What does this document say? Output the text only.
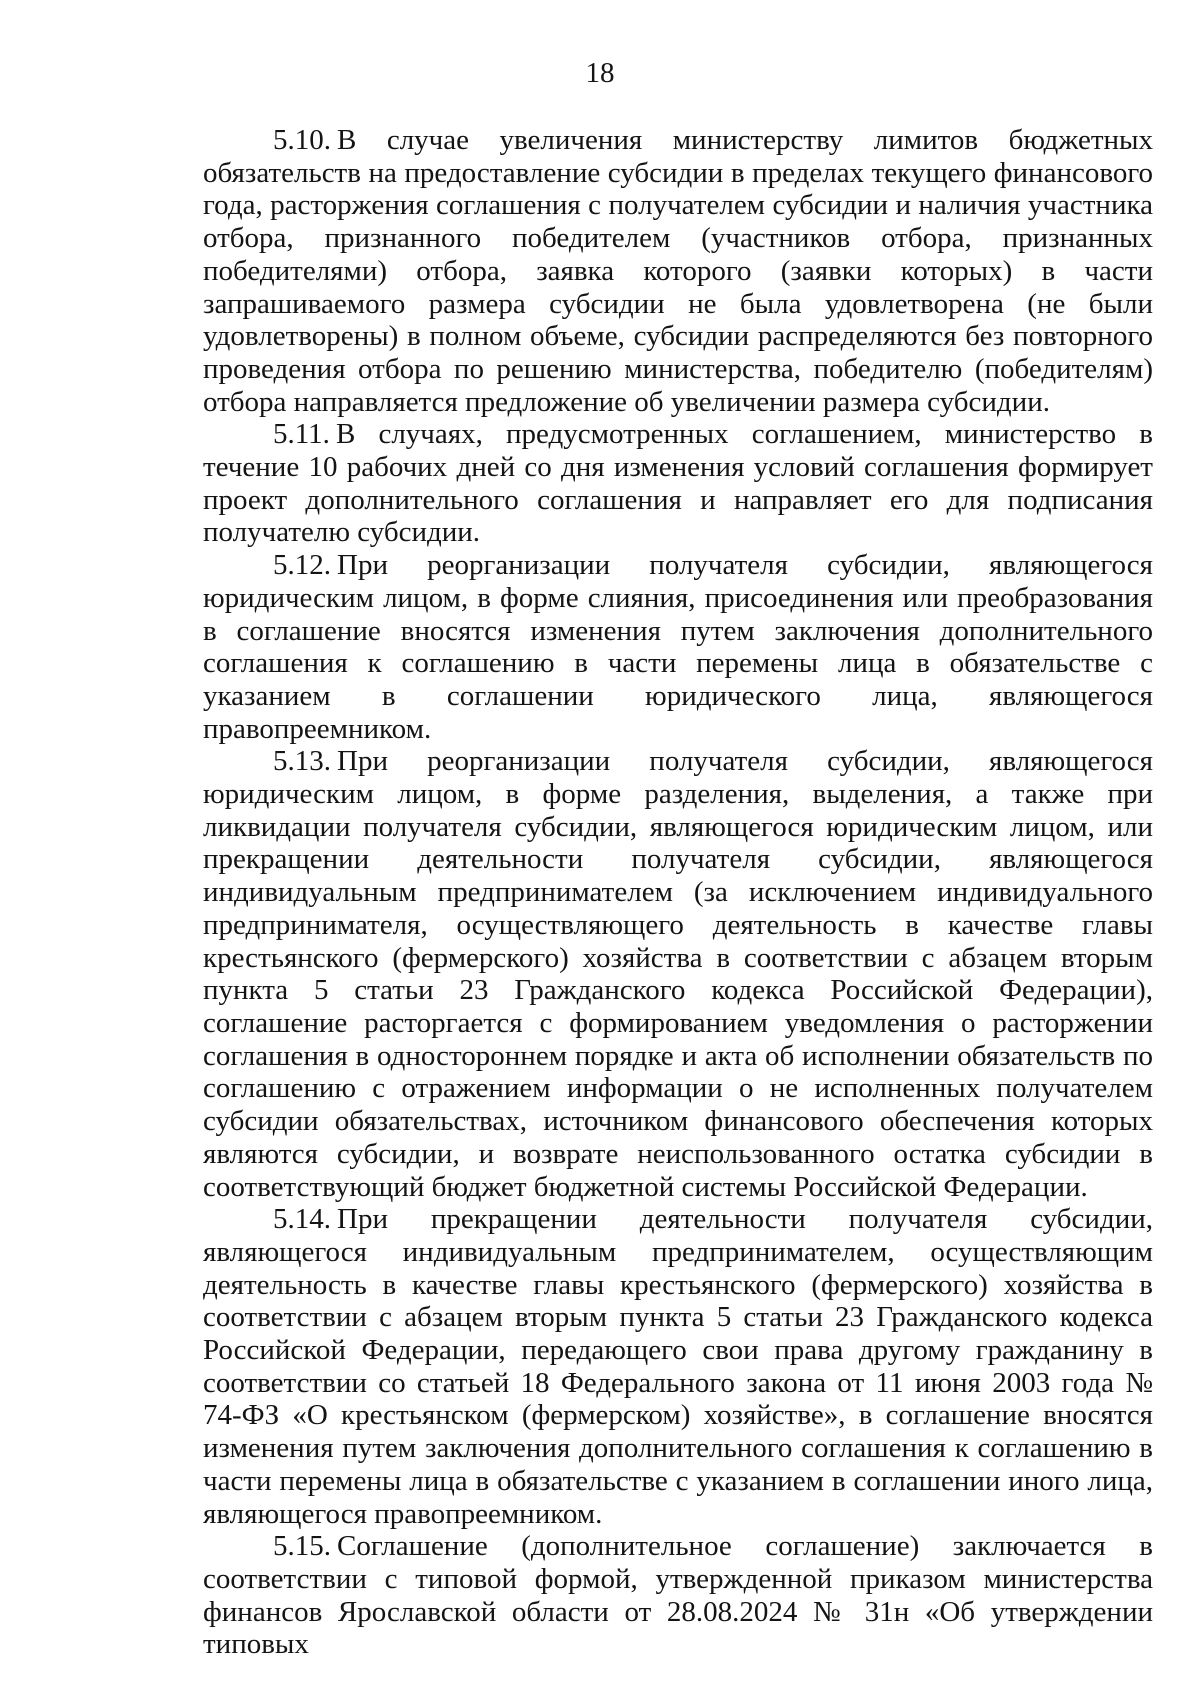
18

5.10. В случае увеличения министерству лимитов бюджетных обязательств на предоставление субсидии в пределах текущего финансового года, расторжения соглашения с получателем субсидии и наличия участника отбора, признанного победителем (участников отбора, признанных победителями) отбора, заявка которого (заявки которых) в части запрашиваемого размера субсидии не была удовлетворена (не были удовлетворены) в полном объеме, субсидии распределяются без повторного проведения отбора по решению министерства, победителю (победителям) отбора направляется предложение об увеличении размера субсидии.

5.11. В случаях, предусмотренных соглашением, министерство в течение 10 рабочих дней со дня изменения условий соглашения формирует проект дополнительного соглашения и направляет его для подписания получателю субсидии.

5.12. При реорганизации получателя субсидии, являющегося юридическим лицом, в форме слияния, присоединения или преобразования в соглашение вносятся изменения путем заключения дополнительного соглашения к соглашению в части перемены лица в обязательстве с указанием в соглашении юридического лица, являющегося правопреемником.

5.13. При реорганизации получателя субсидии, являющегося юридическим лицом, в форме разделения, выделения, а также при ликвидации получателя субсидии, являющегося юридическим лицом, или прекращении деятельности получателя субсидии, являющегося индивидуальным предпринимателем (за исключением индивидуального предпринимателя, осуществляющего деятельность в качестве главы крестьянского (фермерского) хозяйства в соответствии с абзацем вторым пункта 5 статьи 23 Гражданского кодекса Российской Федерации), соглашение расторгается с формированием уведомления о расторжении соглашения в одностороннем порядке и акта об исполнении обязательств по соглашению с отражением информации о не исполненных получателем субсидии обязательствах, источником финансового обеспечения которых являются субсидии, и возврате неиспользованного остатка субсидии в соответствующий бюджет бюджетной системы Российской Федерации.

5.14. При прекращении деятельности получателя субсидии, являющегося индивидуальным предпринимателем, осуществляющим деятельность в качестве главы крестьянского (фермерского) хозяйства в соответствии с абзацем вторым пункта 5 статьи 23 Гражданского кодекса Российской Федерации, передающего свои права другому гражданину в соответствии со статьей 18 Федерального закона от 11 июня 2003 года № 74-ФЗ «О крестьянском (фермерском) хозяйстве», в соглашение вносятся изменения путем заключения дополнительного соглашения к соглашению в части перемены лица в обязательстве с указанием в соглашении иного лица, являющегося правопреемником.

5.15. Соглашение (дополнительное соглашение) заключается в соответствии с типовой формой, утвержденной приказом министерства финансов Ярославской области от 28.08.2024 № 31н «Об утверждении типовых
